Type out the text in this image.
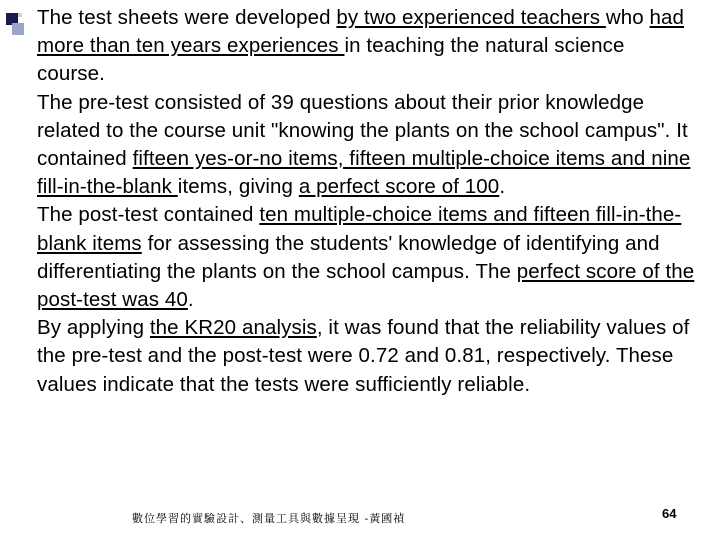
The test sheets were developed by two experienced teachers who had more than ten years experiences in teaching the natural science course.

The pre-test consisted of 39 questions about their prior knowledge related to the course unit "knowing the plants on the school campus". It contained fifteen yes-or-no items, fifteen multiple-choice items and nine fill-in-the-blank items, giving a perfect score of 100.

The post-test contained ten multiple-choice items and fifteen fill-in-the-blank items for assessing the students' knowledge of identifying and differentiating the plants on the school campus. The perfect score of the post-test was 40.

By applying the KR20 analysis, it was found that the reliability values of the pre-test and the post-test were 0.72 and 0.81, respectively. These values indicate that the tests were sufficiently reliable.

數位學習的實驗設計、測量工具與數據呈現 -黃國禎	64
